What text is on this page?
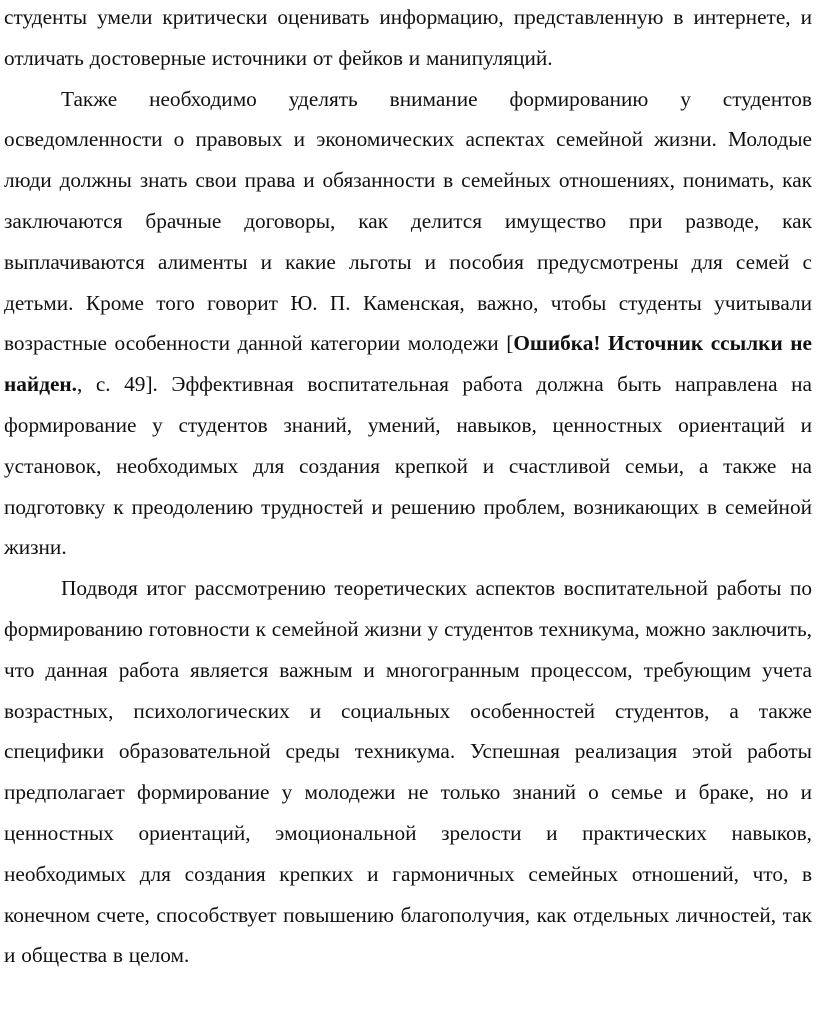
студенты умели критически оценивать информацию, представленную в интернете, и отличать достоверные источники от фейков и манипуляций.

Также необходимо уделять внимание формированию у студентов осведомленности о правовых и экономических аспектах семейной жизни. Молодые люди должны знать свои права и обязанности в семейных отношениях, понимать, как заключаются брачные договоры, как делится имущество при разводе, как выплачиваются алименты и какие льготы и пособия предусмотрены для семей с детьми. Кроме того говорит Ю. П. Каменская, важно, чтобы студенты учитывали возрастные особенности данной категории молодежи [Ошибка! Источник ссылки не найден., с. 49]. Эффективная воспитательная работа должна быть направлена на формирование у студентов знаний, умений, навыков, ценностных ориентаций и установок, необходимых для создания крепкой и счастливой семьи, а также на подготовку к преодолению трудностей и решению проблем, возникающих в семейной жизни.

Подводя итог рассмотрению теоретических аспектов воспитательной работы по формированию готовности к семейной жизни у студентов техникума, можно заключить, что данная работа является важным и многогранным процессом, требующим учета возрастных, психологических и социальных особенностей студентов, а также специфики образовательной среды техникума. Успешная реализация этой работы предполагает формирование у молодежи не только знаний о семье и браке, но и ценностных ориентаций, эмоциональной зрелости и практических навыков, необходимых для создания крепких и гармоничных семейных отношений, что, в конечном счете, способствует повышению благополучия, как отдельных личностей, так и общества в целом.
